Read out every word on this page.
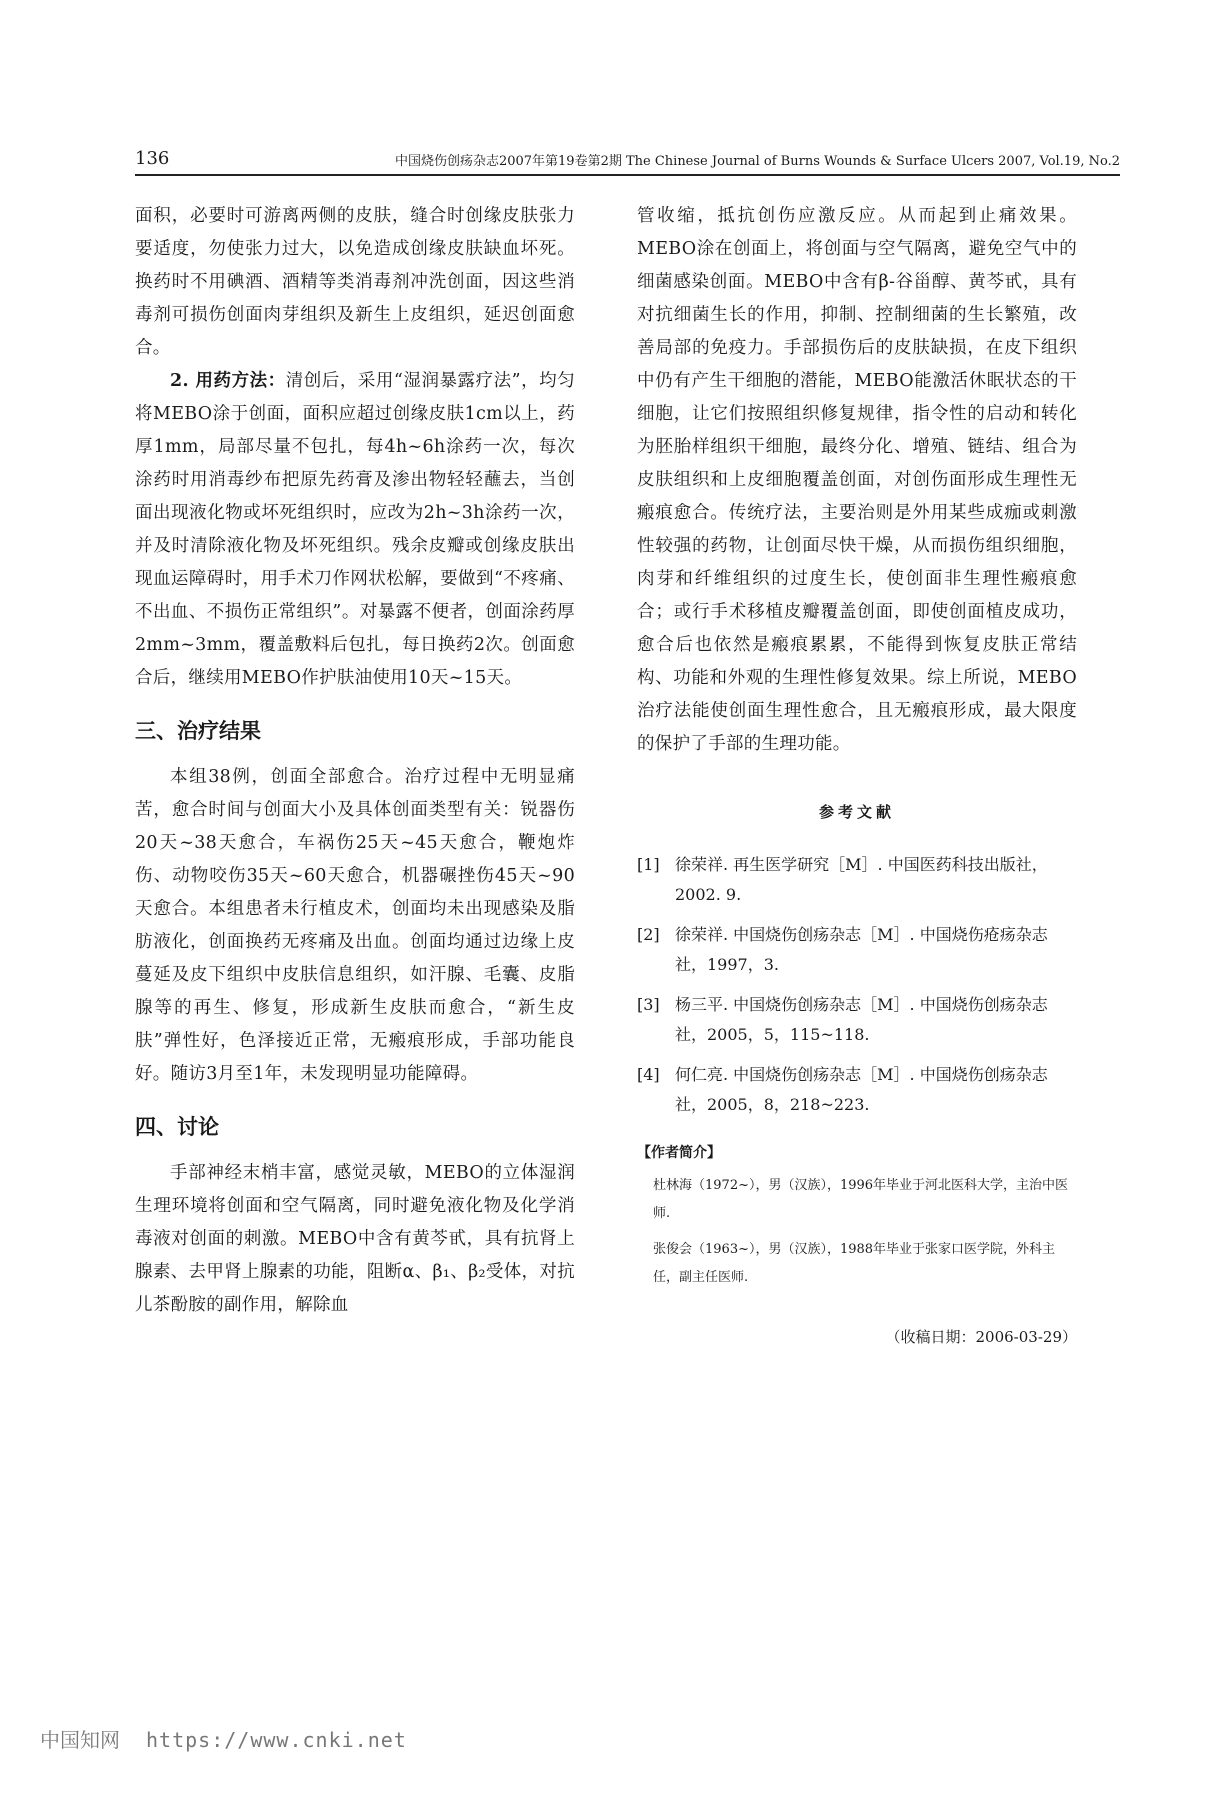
136	中国烧伤创疡杂志2007年第19卷第2期 The Chinese Journal of Burns Wounds & Surface Ulcers 2007, Vol.19, No.2

面积，必要时可游离两侧的皮肤，缝合时创缘皮肤张力要适度，勿使张力过大，以免造成创缘皮肤缺血坏死。换药时不用碘酒、酒精等类消毒剂冲洗创面，因这些消毒剂可损伤创面肉芽组织及新生上皮组织，延迟创面愈合。

2. 用药方法：清创后，采用“湿润暴露疗法”，均匀将MEBO涂于创面，面积应超过创缘皮肤1cm以上，药厚1mm，局部尽量不包扎，每4h~6h涂药一次，每次涂药时用消毒纱布把原先药膏及渗出物轻轻蘸去，当创面出现液化物或坏死组织时，应改为2h~3h涂药一次，并及时清除液化物及坏死组织。残余皮瓣或创缘皮肤出现血运障碍时，用手术刀作网状松解，要做到“不疼痛、不出血、不损伤正常组织”。对暴露不便者，创面涂药厚2mm~3mm，覆盖敷料后包扎，每日换药2次。创面愈合后，继续用MEBO作护肤油使用10天~15天。

三、治疗结果

本组38例，创面全部愈合。治疗过程中无明显痛苦，愈合时间与创面大小及具体创面类型有关：锐器伤20天~38天愈合，车祸伤25天~45天愈合，鞭炮炸伤、动物咬伤35天~60天愈合，机器碾挫伤45天~90天愈合。本组患者未行植皮术，创面均未出现感染及脂肪液化，创面换药无疼痛及出血。创面均通过边缘上皮蔓延及皮下组织中皮肤信息组织，如汗腺、毛囊、皮脂腺等的再生、修复，形成新生皮肤而愈合，“新生皮肤”弹性好，色泽接近正常，无瘢痕形成，手部功能良好。随访3月至1年，未发现明显功能障碍。

四、讨论

手部神经末梢丰富，感觉灵敏，MEBO的立体湿润生理环境将创面和空气隔离，同时避免液化物及化学消毒液对创面的刺激。MEBO中含有黄芩甙，具有抗肾上腺素、去甲肾上腺素的功能，阻断α、β₁、β₂受体，对抗儿茶酚胺的副作用，解除血

管收缩，抵抗创伤应激反应。从而起到止痛效果。MEBO涂在创面上，将创面与空气隔离，避免空气中的细菌感染创面。MEBO中含有β-谷甾醇、黄芩甙，具有对抗细菌生长的作用，抑制、控制细菌的生长繁殖，改善局部的免疫力。手部损伤后的皮肤缺损，在皮下组织中仍有产生干细胞的潜能，MEBO能激活休眠状态的干细胞，让它们按照组织修复规律，指令性的启动和转化为胚胎样组织干细胞，最终分化、增殖、链结、组合为皮肤组织和上皮细胞覆盖创面，对创伤面形成生理性无瘢痕愈合。传统疗法，主要治则是外用某些成痂或刺激性较强的药物，让创面尽快干燥，从而损伤组织细胞，肉芽和纤维组织的过度生长，使创面非生理性瘢痕愈合；或行手术移植皮瓣覆盖创面，即使创面植皮成功，愈合后也依然是瘢痕累累，不能得到恢复皮肤正常结构、功能和外观的生理性修复效果。综上所说，MEBO治疗法能使创面生理性愈合，且无瘢痕形成，最大限度的保护了手部的生理功能。

参考文献
[1] 徐荣祥. 再生医学研究［M］. 中国医药科技出版社，2002. 9.
[2] 徐荣祥. 中国烧伤创疡杂志［M］. 中国烧伤疮疡杂志社，1997，3.
[3] 杨三平. 中国烧伤创疡杂志［M］. 中国烧伤创疡杂志社，2005，5，115~118.
[4] 何仁亮. 中国烧伤创疡杂志［M］. 中国烧伤创疡杂志社，2005，8，218~223.
【作者简介】
杜林海（1972~），男（汉族），1996年毕业于河北医科大学，主治中医师.
张俊会（1963~），男（汉族），1988年毕业于张家口医学院，外科主任，副主任医师.
（收稿日期：2006-03-29）
中国知网 https://www.cnki.net
